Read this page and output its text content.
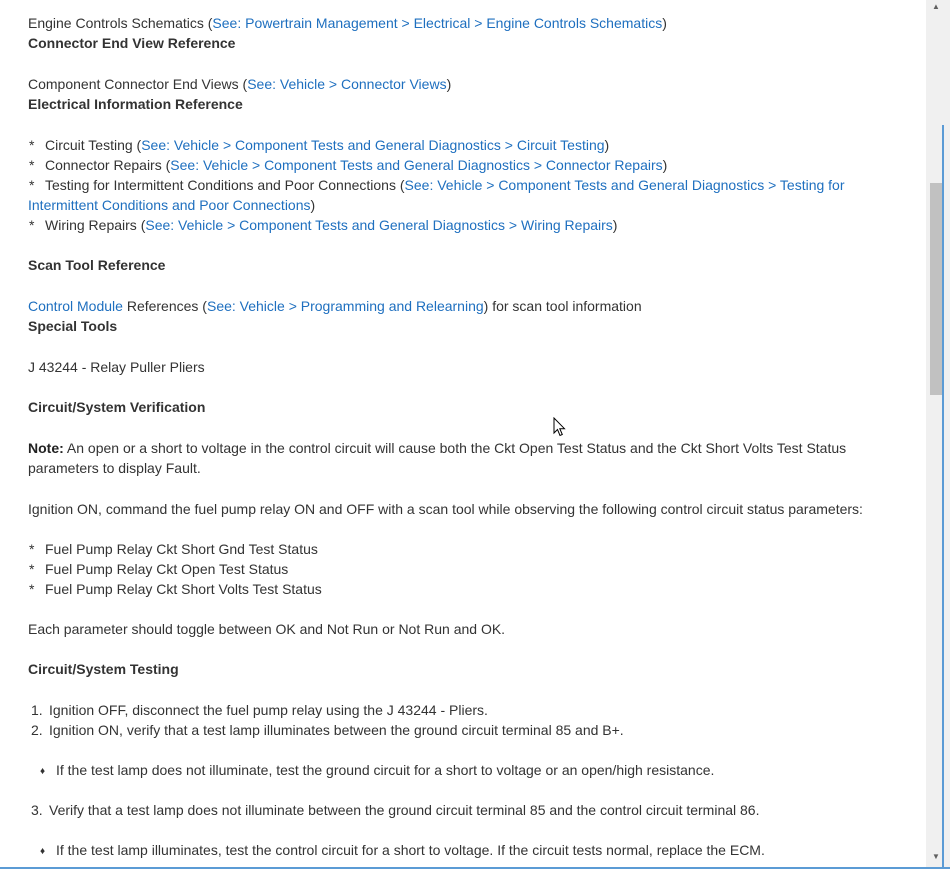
Engine Controls Schematics (See: Powertrain Management > Electrical > Engine Controls Schematics)
Connector End View Reference
Component Connector End Views (See: Vehicle > Connector Views)
Electrical Information Reference
* Circuit Testing (See: Vehicle > Component Tests and General Diagnostics > Circuit Testing)
* Connector Repairs (See: Vehicle > Component Tests and General Diagnostics > Connector Repairs)
* Testing for Intermittent Conditions and Poor Connections (See: Vehicle > Component Tests and General Diagnostics > Testing for Intermittent Conditions and Poor Connections)
* Wiring Repairs (See: Vehicle > Component Tests and General Diagnostics > Wiring Repairs)
Scan Tool Reference
Control Module References (See: Vehicle > Programming and Relearning) for scan tool information
Special Tools
J 43244 - Relay Puller Pliers
Circuit/System Verification
Note: An open or a short to voltage in the control circuit will cause both the Ckt Open Test Status and the Ckt Short Volts Test Status parameters to display Fault.
Ignition ON, command the fuel pump relay ON and OFF with a scan tool while observing the following control circuit status parameters:
* Fuel Pump Relay Ckt Short Gnd Test Status
* Fuel Pump Relay Ckt Open Test Status
* Fuel Pump Relay Ckt Short Volts Test Status
Each parameter should toggle between OK and Not Run or Not Run and OK.
Circuit/System Testing
1. Ignition OFF, disconnect the fuel pump relay using the J 43244 - Pliers.
2. Ignition ON, verify that a test lamp illuminates between the ground circuit terminal 85 and B+.
♦ If the test lamp does not illuminate, test the ground circuit for a short to voltage or an open/high resistance.
3. Verify that a test lamp does not illuminate between the ground circuit terminal 85 and the control circuit terminal 86.
♦ If the test lamp illuminates, test the control circuit for a short to voltage. If the circuit tests normal, replace the ECM.
▲
▼
